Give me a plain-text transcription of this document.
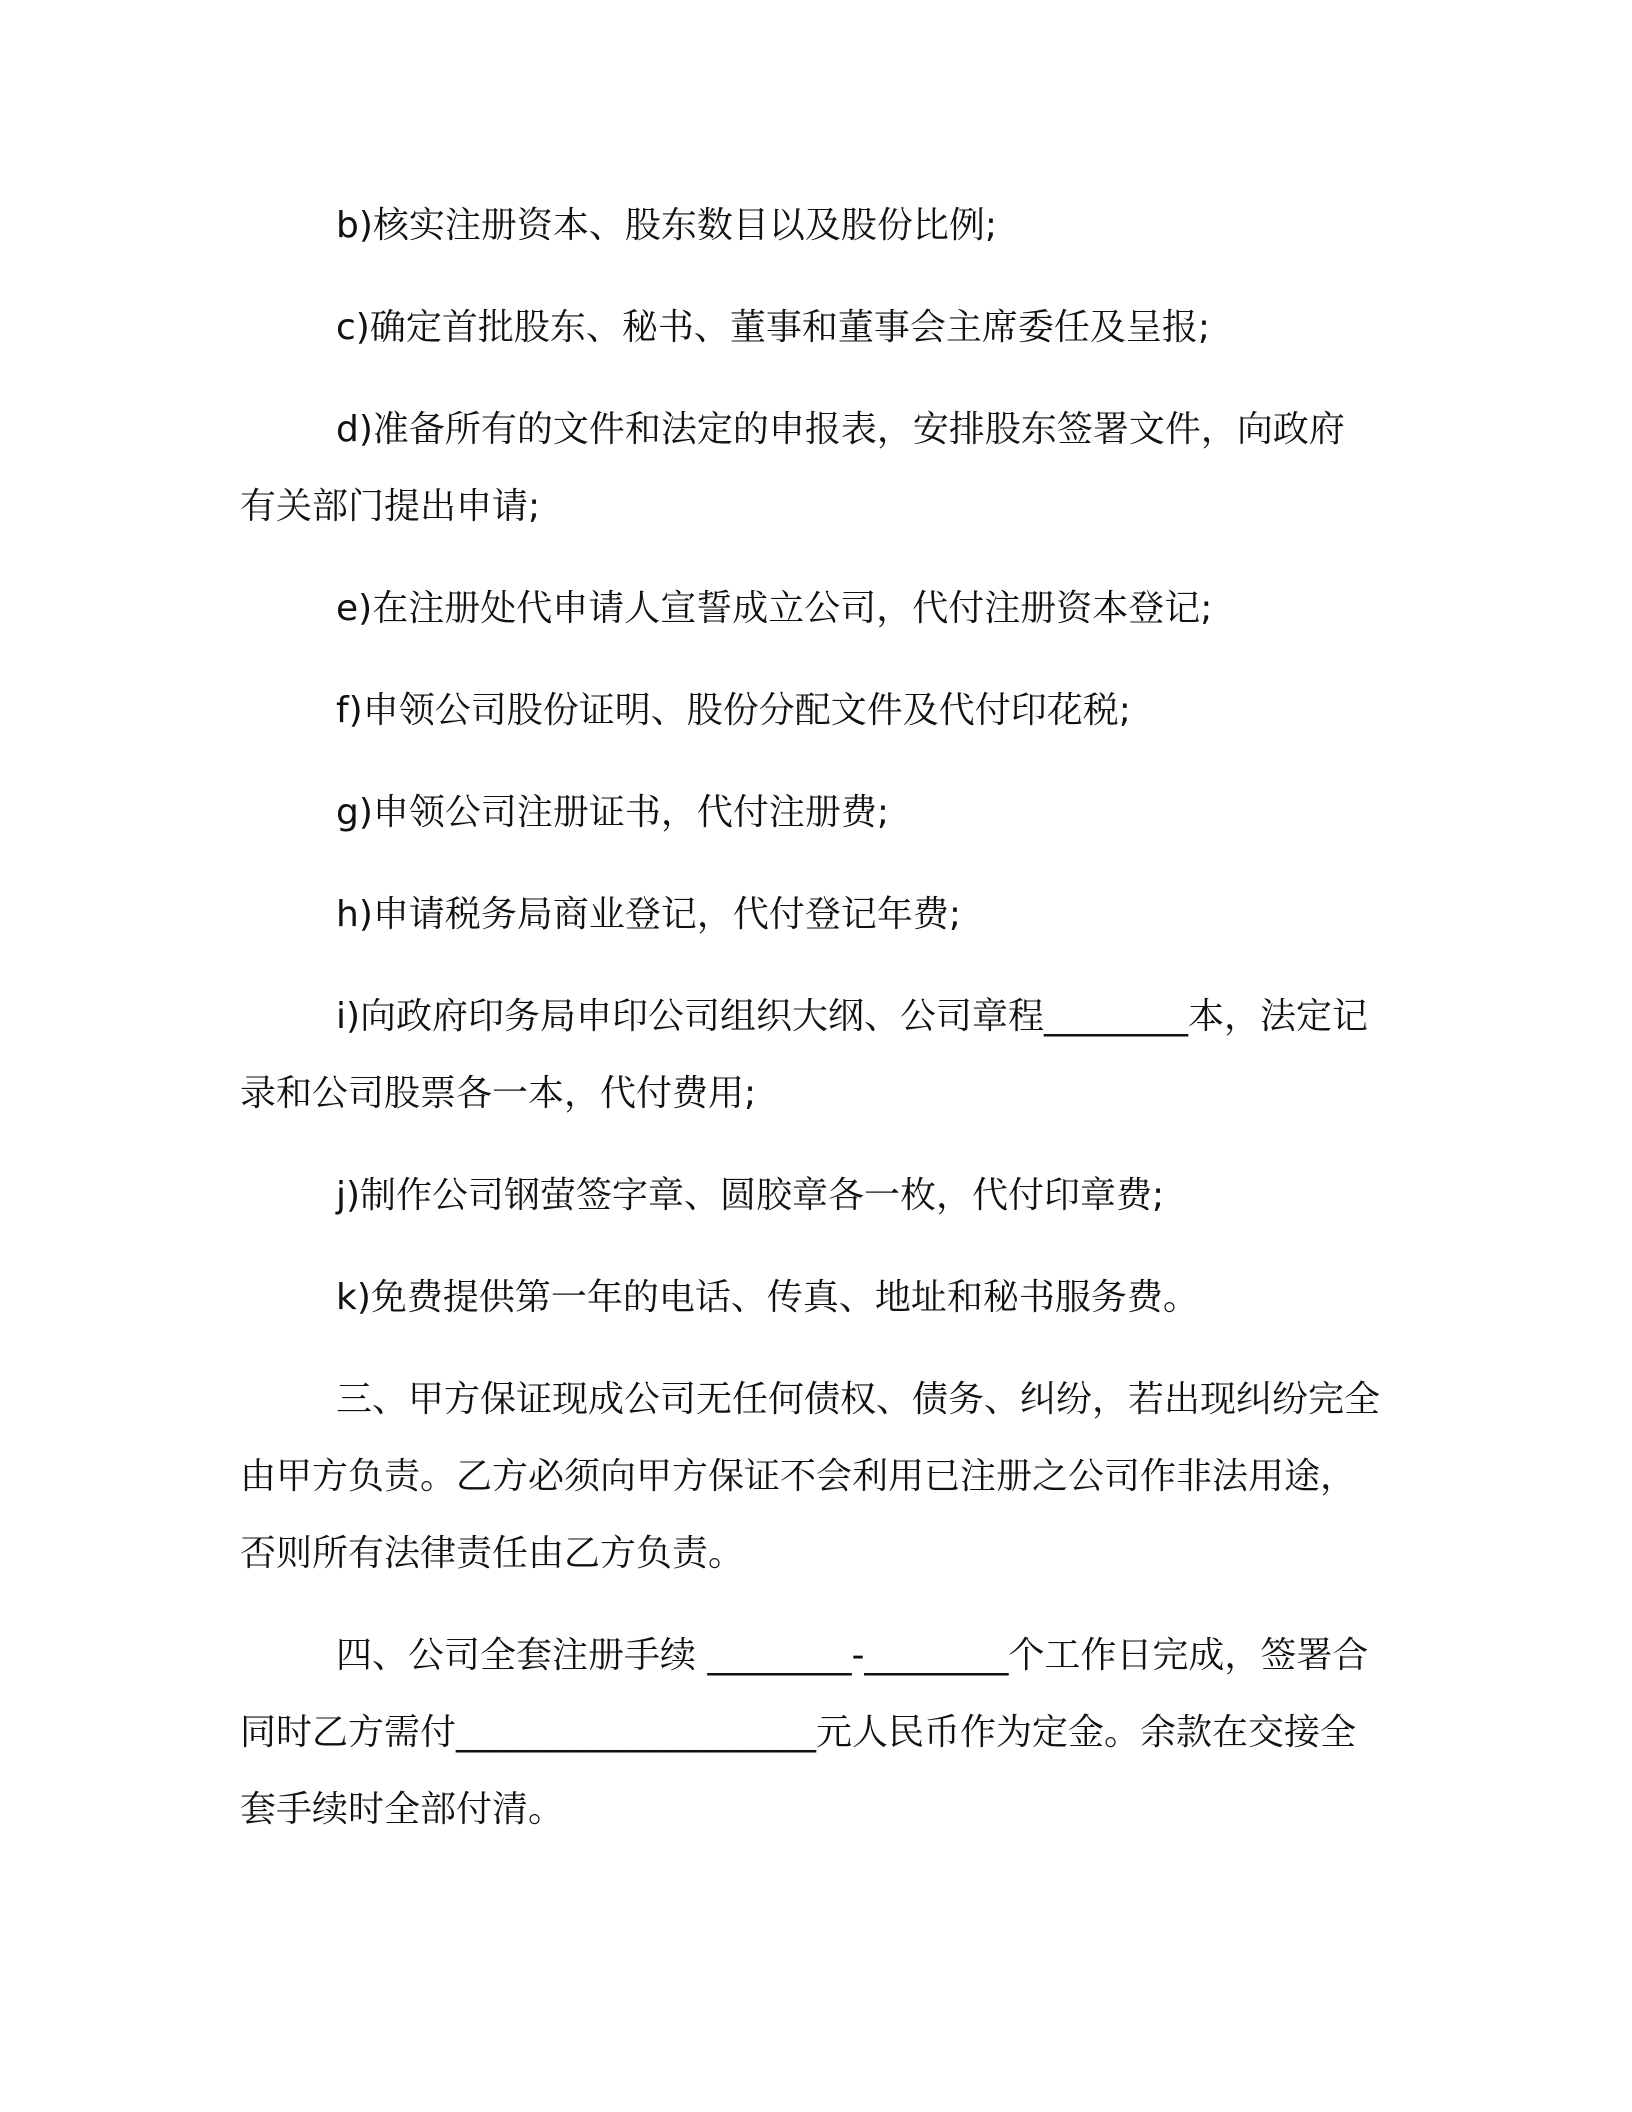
b)核实注册资本、股东数目以及股份比例;

c)确定首批股东、秘书、董事和董事会主席委任及呈报;

d)准备所有的文件和法定的申报表，安排股东签署文件，向政府有关部门提出申请;

e)在注册处代申请人宣誓成立公司，代付注册资本登记;

f)申领公司股份证明、股份分配文件及代付印花税;

g)申领公司注册证书，代付注册费;

h)申请税务局商业登记，代付登记年费;

i)向政府印务局申印公司组织大纲、公司章程________本，法定记录和公司股票各一本，代付费用;

j)制作公司钢萤签字章、圆胶章各一枚，代付印章费;

k)免费提供第一年的电话、传真、地址和秘书服务费。

三、甲方保证现成公司无任何债权、债务、纠纷，若出现纠纷完全由甲方负责。乙方必须向甲方保证不会利用已注册之公司作非法用途，否则所有法律责任由乙方负责。

四、公司全套注册手续 ________-________个工作日完成，签署合同时乙方需付____________________元人民币作为定金。余款在交接全套手续时全部付清。
